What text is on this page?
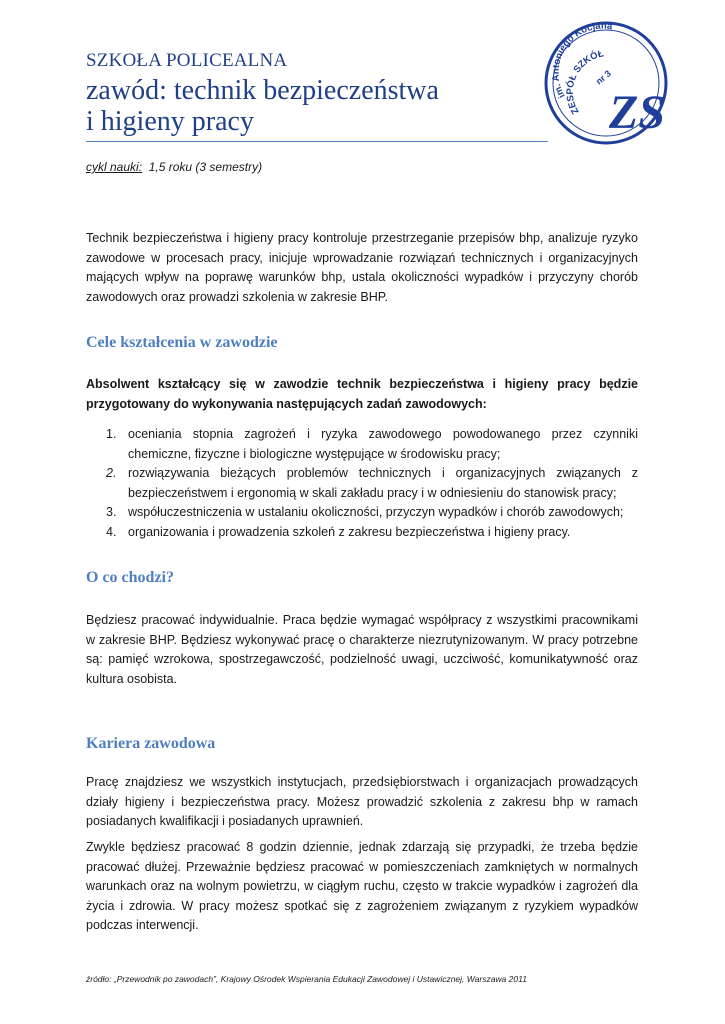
SZKOŁA POLICEALNA
zawód: technik bezpieczeństwa
i higieny pracy
im. Antoniego Kocjana
ZESPÓŁ SZKÓŁ
nr 3
ZS
cykl nauki: 1,5 roku (3 semestry)

Technik bezpieczeństwa i higieny pracy kontroluje przestrzeganie przepisów bhp, analizuje ryzyko zawodowe w procesach pracy, inicjuje wprowadzanie rozwiązań technicznych i organizacyjnych mających wpływ na poprawę warunków bhp, ustala okoliczności wypadków i przyczyny chorób zawodowych oraz prowadzi szkolenia w zakresie BHP.

Cele kształcenia w zawodzie

Absolwent kształcący się w zawodzie technik bezpieczeństwa i higieny pracy będzie przygotowany do wykonywania następujących zadań zawodowych:

1. oceniania stopnia zagrożeń i ryzyka zawodowego powodowanego przez czynniki chemiczne, fizyczne i biologiczne występujące w środowisku pracy;
2. rozwiązywania bieżących problemów technicznych i organizacyjnych związanych z bezpieczeństwem i ergonomią w skali zakładu pracy i w odniesieniu do stanowisk pracy;
3. współuczestniczenia w ustalaniu okoliczności, przyczyn wypadków i chorób zawodowych;
4. organizowania i prowadzenia szkoleń z zakresu bezpieczeństwa i higieny pracy.
O co chodzi?

Będziesz pracować indywidualnie. Praca będzie wymagać współpracy z wszystkimi pracownikami w zakresie BHP. Będziesz wykonywać pracę o charakterze niezrutynizowanym. W pracy potrzebne są: pamięć wzrokowa, spostrzegawczość, podzielność uwagi, uczciwość, komunikatywność oraz kultura osobista.

Kariera zawodowa

Pracę znajdziesz we wszystkich instytucjach, przedsiębiorstwach i organizacjach prowadzących działy higieny i bezpieczeństwa pracy. Możesz prowadzić szkolenia z zakresu bhp w ramach posiadanych kwalifikacji i posiadanych uprawnień.

Zwykle będziesz pracować 8 godzin dziennie, jednak zdarzają się przypadki, że trzeba będzie pracować dłużej. Przeważnie będziesz pracować w pomieszczeniach zamkniętych w normalnych warunkach oraz na wolnym powietrzu, w ciągłym ruchu, często w trakcie wypadków i zagrożeń dla życia i zdrowia. W pracy możesz spotkać się z zagrożeniem związanym z ryzykiem wypadków podczas interwencji.

źródło: „Przewodnik po zawodach”, Krajowy Ośrodek Wspierania Edukacji Zawodowej i Ustawicznej, Warszawa 2011
